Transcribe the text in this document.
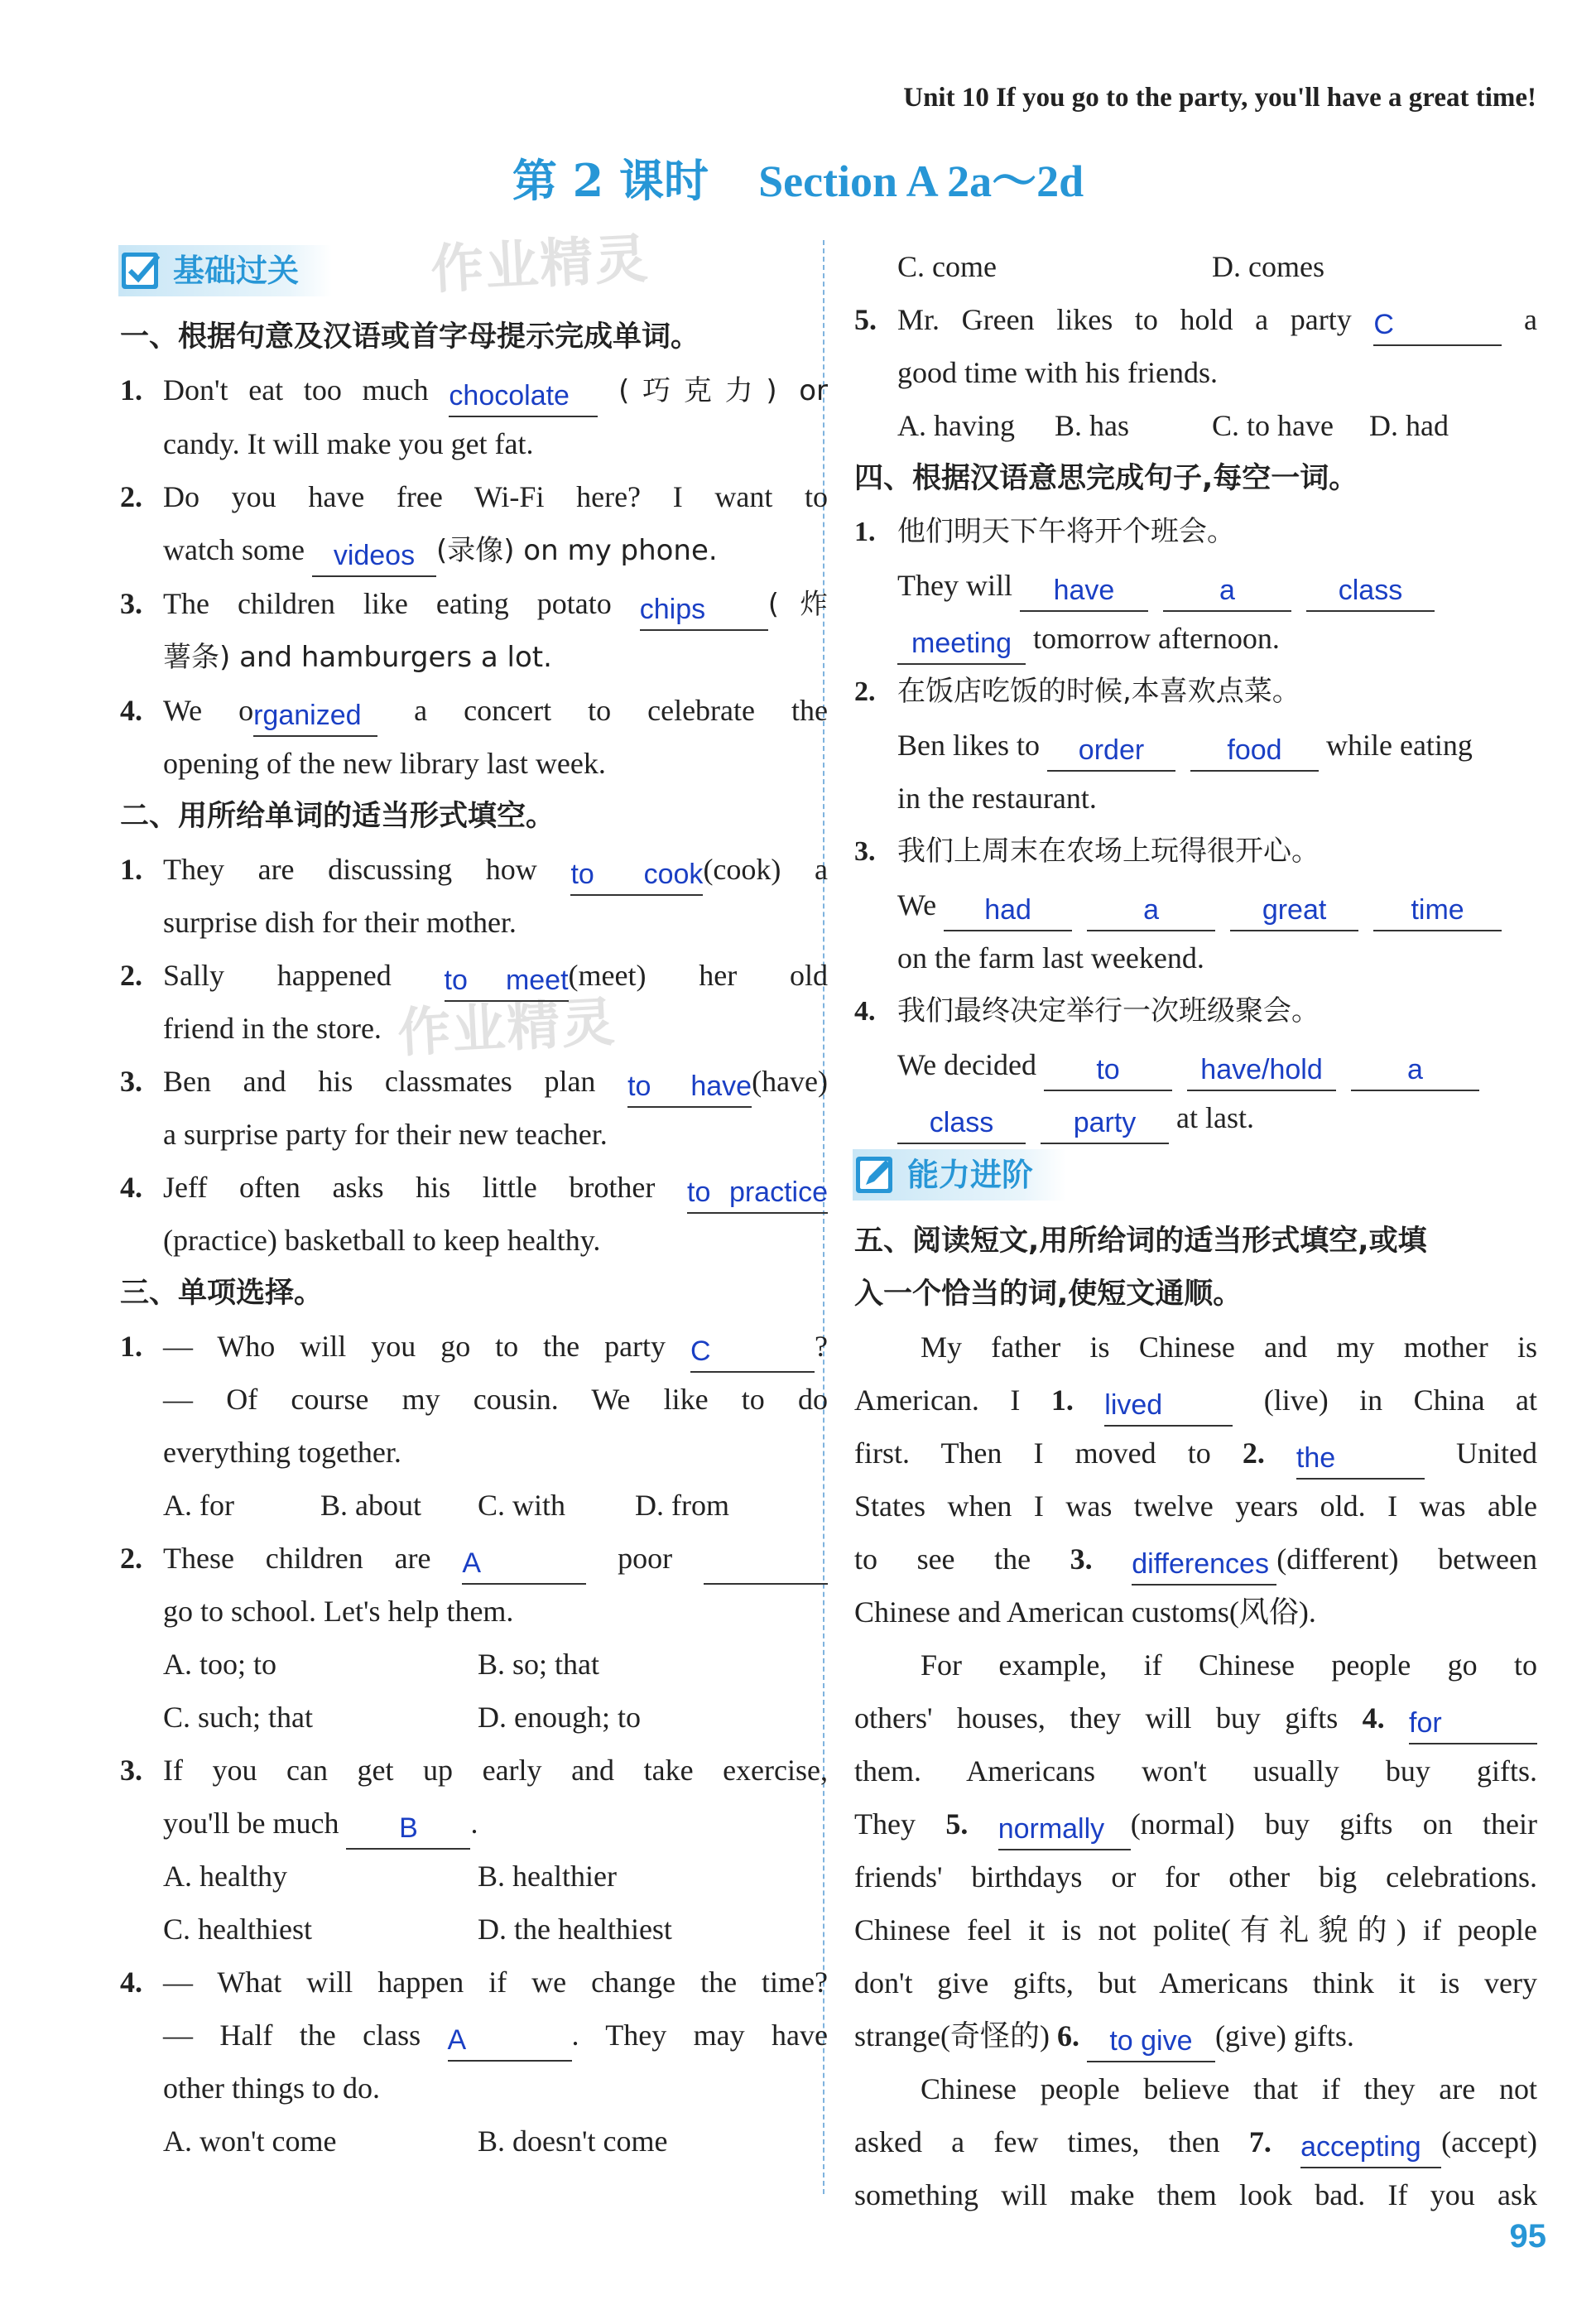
Unit 10 If you go to the party, you'll have a great time!
第 2 课时 Section A 2a～2d
作业精灵
作业精灵
基础过关
一、根据句意及汉语或首字母提示完成单词。
1. Don't eat too much chocolate	(巧克力) or
candy. It will make you get fat.
2. Do you have free Wi-Fi here? I want to
watch some	videos (录像) on my phone.
3. The children like eating potato chips	(炸
薯条) and hamburgers a lot.
4. We o rganized	a concert to celebrate the
opening of the new library last week.
二、用所给单词的适当形式填空。
1. They are discussing how to cook (cook) a
surprise dish for their mother.
2. Sally happened to meet (meet) her old
friend in the store.
3. Ben and his classmates plan to have (have)
a surprise party for their new teacher.
4. Jeff often asks his little brother to practice
(practice) basketball to keep healthy.
三、单项选择。
1. — Who will you go to the party C	?
— Of course my cousin. We like to do
everything together.
A. for	B. about C. with D. from
2. These children are A	poor
go to school. Let's help them.
A. too; to	B. so; that
C. such; that	D. enough; to
3. If you can get up early and take exercise,
you'll be much	B	.
A. healthy	B. healthier
C. healthiest	D. the healthiest
4. — What will happen if we change the time?
— Half the class A	. They may have
other things to do.
A. won't come	B. doesn't come
C. come	D. comes
5. Mr. Green likes to hold a party C	a
good time with his friends.
A. having B. has	C. to have D. had
四、根据汉语意思完成句子,每空一词。
1. 他们明天下午将开个班会。
They will	have
	a
	class
meeting tomorrow afternoon.
2. 在饭店吃饭的时候,本喜欢点菜。
Ben likes to	order
	food	while eating
in the restaurant.
3. 我们上周末在农场上玩得很开心。
We	had
	a
	great
	time
on the farm last weekend.
4. 我们最终决定举行一次班级聚会。
We decided	to
	have/hold
	a
class
	party	at last.
能力进阶
五、阅读短文,用所给词的适当形式填空,或填
入一个恰当的词,使短文通顺。
My father is Chinese and my mother is
American. I 1. lived	(live) in China at
first. Then I moved to 2. the	United
States when I was twelve years old. I was able
to see the 3. differences (different) between
Chinese and American customs(风俗).
For example, if Chinese people go to
others' houses, they will buy gifts 4. for
them. Americans won't usually buy gifts.
They 5. normally (normal) buy gifts on their
friends' birthdays or for other big celebrations.
Chinese feel it is not polite(有礼貌的) if people
don't give gifts, but Americans think it is very
strange(奇怪的) 6.	to give (give) gifts.
Chinese people believe that if they are not
asked a few times, then 7. accepting (accept)
something will make them look bad. If you ask
95
